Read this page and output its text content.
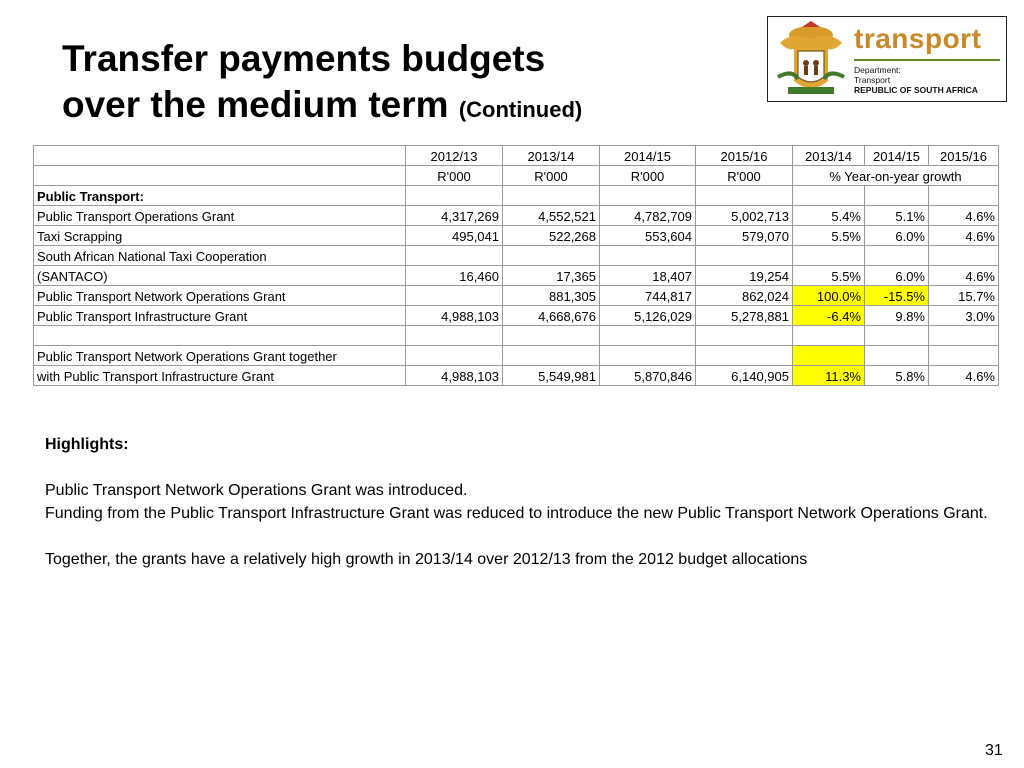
Transfer payments budgets
over the medium term (Continued)
transport
Department:
Transport
REPUBLIC OF SOUTH AFRICA
	2012/13	2013/14	2014/15	2015/16	2013/14	2014/15	2015/16
	R'000	R'000	R'000	R'000	% Year-on-year growth		
Public Transport:							
Public Transport Operations Grant	4,317,269	4,552,521	4,782,709	5,002,713	5.4%	5.1%	4.6%
Taxi Scrapping	495,041	522,268	553,604	579,070	5.5%	6.0%	4.6%
South African National Taxi Cooperation							
(SANTACO)	16,460	17,365	18,407	19,254	5.5%	6.0%	4.6%
Public Transport Network Operations Grant		881,305	744,817	862,024	100.0%	-15.5%	15.7%
Public Transport Infrastructure Grant	4,988,103	4,668,676	5,126,029	5,278,881	-6.4%	9.8%	3.0%

Public Transport Network Operations Grant together							
with Public Transport Infrastructure Grant	4,988,103	5,549,981	5,870,846	6,140,905	11.3%	5.8%	4.6%

Highlights:

Public Transport Network Operations Grant was introduced.

Funding from the Public Transport Infrastructure Grant was reduced to introduce the new Public Transport Network Operations Grant.

Together, the grants have a relatively high growth in 2013/14 over 2012/13 from the 2012 budget allocations

31
